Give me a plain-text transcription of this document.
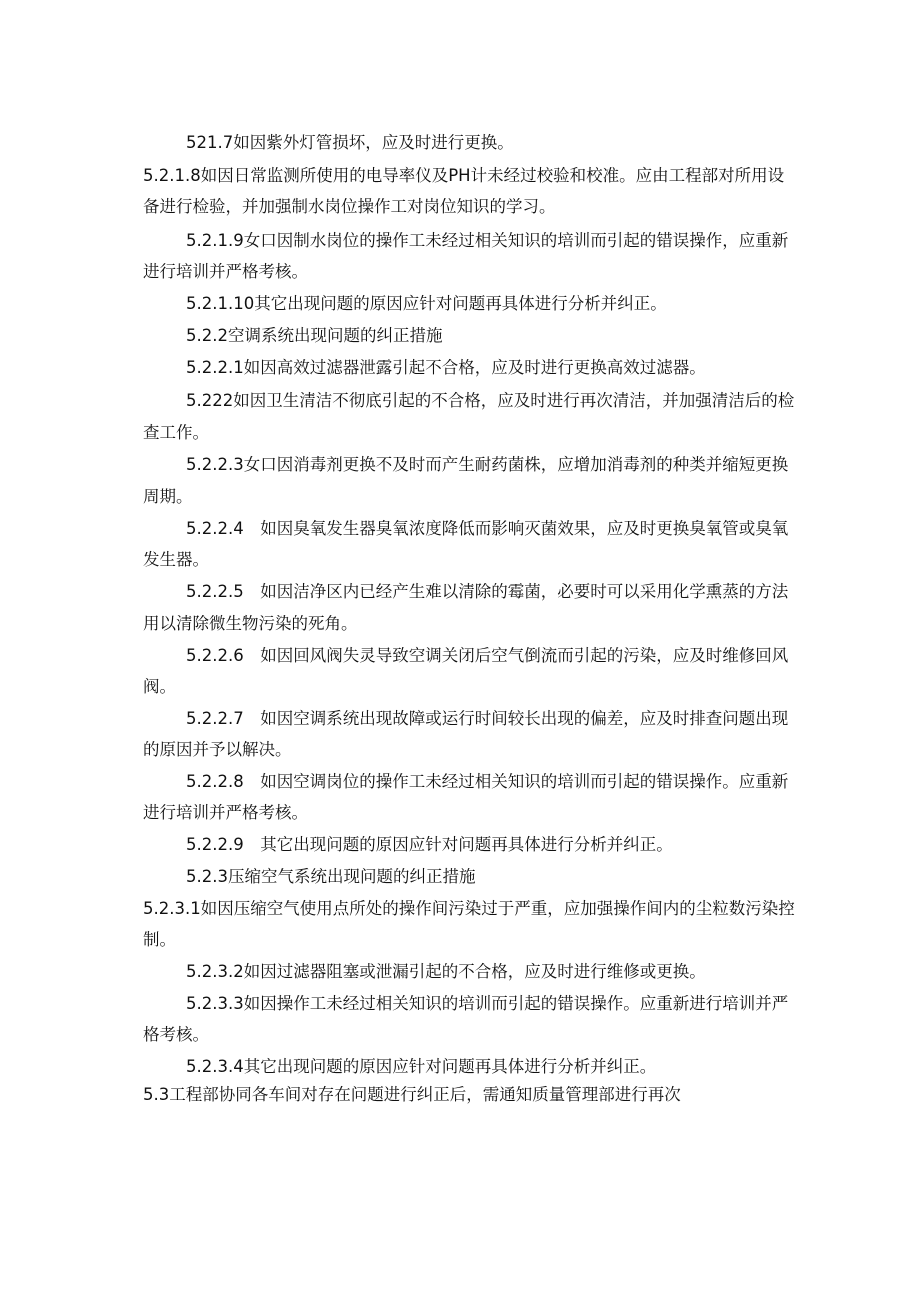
521.7如因紫外灯管损坏，应及时进行更换。
5.2.1.8如因日常监测所使用的电导率仪及PH计未经过校验和校准。应由工程部对所用设
备进行检验，并加强制水岗位操作工对岗位知识的学习。
5.2.1.9女口因制水岗位的操作工未经过相关知识的培训而引起的错误操作，应重新
进行培训并严格考核。
5.2.1.10其它出现问题的原因应针对问题再具体进行分析并纠正。
5.2.2空调系统出现问题的纠正措施
5.2.2.1如因高效过滤器泄露引起不合格，应及时进行更换高效过滤器。
5.222如因卫生清洁不彻底引起的不合格，应及时进行再次清洁，并加强清洁后的检
查工作。
5.2.2.3女口因消毒剂更换不及时而产生耐药菌株，应增加消毒剂的种类并缩短更换
周期。
5.2.2.4　如因臭氧发生器臭氧浓度降低而影响灭菌效果，应及时更换臭氧管或臭氧
发生器。
5.2.2.5　如因洁净区内已经产生难以清除的霉菌，必要时可以采用化学熏蒸的方法
用以清除微生物污染的死角。
5.2.2.6　如因回风阀失灵导致空调关闭后空气倒流而引起的污染，应及时维修回风
阀。
5.2.2.7　如因空调系统出现故障或运行时间较长出现的偏差，应及时排查问题出现
的原因并予以解决。
5.2.2.8　如因空调岗位的操作工未经过相关知识的培训而引起的错误操作。应重新
进行培训并严格考核。
5.2.2.9　其它出现问题的原因应针对问题再具体进行分析并纠正。
5.2.3压缩空气系统出现问题的纠正措施
5.2.3.1如因压缩空气使用点所处的操作间污染过于严重，应加强操作间内的尘粒数污染控
制。
5.2.3.2如因过滤器阻塞或泄漏引起的不合格，应及时进行维修或更换。
5.2.3.3如因操作工未经过相关知识的培训而引起的错误操作。应重新进行培训并严
格考核。
5.2.3.4其它出现问题的原因应针对问题再具体进行分析并纠正。
5.3工程部协同各车间对存在问题进行纠正后，需通知质量管理部进行再次
